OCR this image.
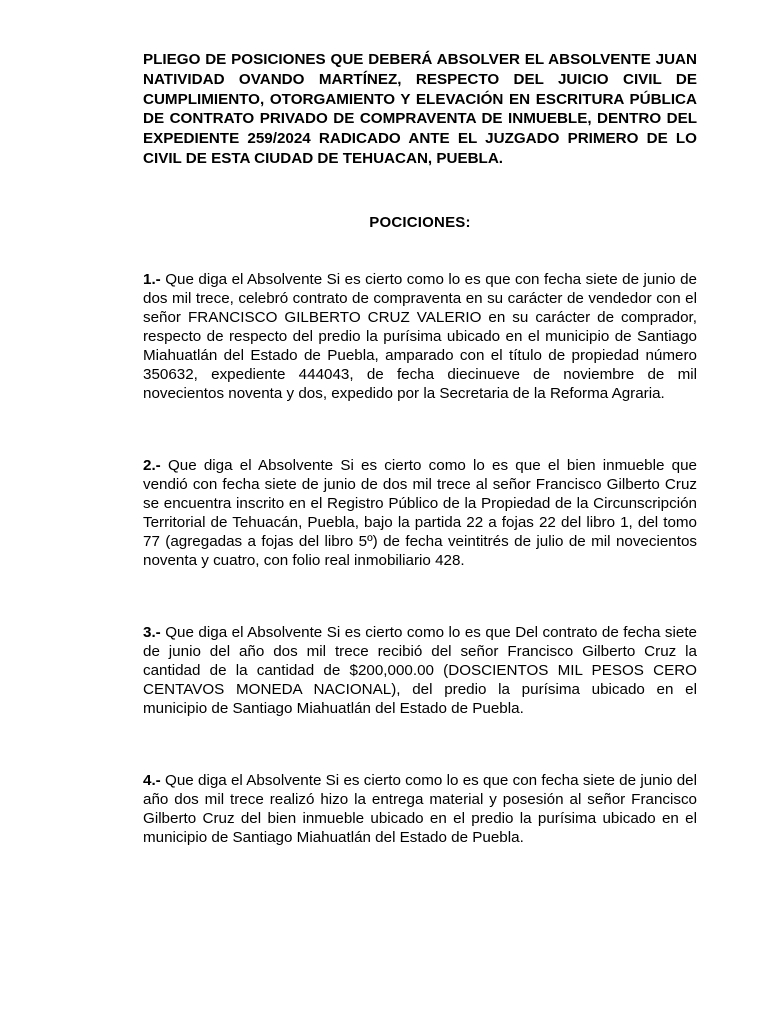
PLIEGO DE POSICIONES QUE DEBERÁ ABSOLVER EL ABSOLVENTE JUAN NATIVIDAD OVANDO MARTÍNEZ, RESPECTO DEL JUICIO CIVIL DE CUMPLIMIENTO, OTORGAMIENTO Y ELEVACIÓN EN ESCRITURA PÚBLICA DE CONTRATO PRIVADO DE COMPRAVENTA DE INMUEBLE, DENTRO DEL EXPEDIENTE 259/2024 RADICADO ANTE EL JUZGADO PRIMERO DE LO CIVIL DE ESTA CIUDAD DE TEHUACAN, PUEBLA.

POCICIONES:

1.- Que diga el Absolvente Si es cierto como lo es que con fecha siete de junio de dos mil trece, celebró contrato de compraventa en su carácter de vendedor con el señor FRANCISCO GILBERTO CRUZ VALERIO en su carácter de comprador, respecto de respecto del predio la purísima ubicado en el municipio de Santiago Miahuatlán del Estado de Puebla, amparado con el título de propiedad número 350632, expediente 444043, de fecha diecinueve de noviembre de mil novecientos noventa y dos, expedido por la Secretaria de la Reforma Agraria.

2.- Que diga el Absolvente Si es cierto como lo es que el bien inmueble que vendió con fecha siete de junio de dos mil trece al señor Francisco Gilberto Cruz se encuentra inscrito en el Registro Público de la Propiedad de la Circunscripción Territorial de Tehuacán, Puebla, bajo la partida 22 a fojas 22 del libro 1, del tomo 77 (agregadas a fojas del libro 5º) de fecha veintitrés de julio de mil novecientos noventa y cuatro, con folio real inmobiliario 428.

3.- Que diga el Absolvente Si es cierto como lo es que Del contrato de fecha siete de junio del año dos mil trece recibió del señor Francisco Gilberto Cruz la cantidad de la cantidad de $200,000.00 (DOSCIENTOS MIL PESOS CERO CENTAVOS MONEDA NACIONAL), del predio la purísima ubicado en el municipio de Santiago Miahuatlán del Estado de Puebla.

4.- Que diga el Absolvente Si es cierto como lo es que con fecha siete de junio del año dos mil trece realizó hizo la entrega material y posesión al señor Francisco Gilberto Cruz del bien inmueble ubicado en el predio la purísima ubicado en el municipio de Santiago Miahuatlán del Estado de Puebla.
